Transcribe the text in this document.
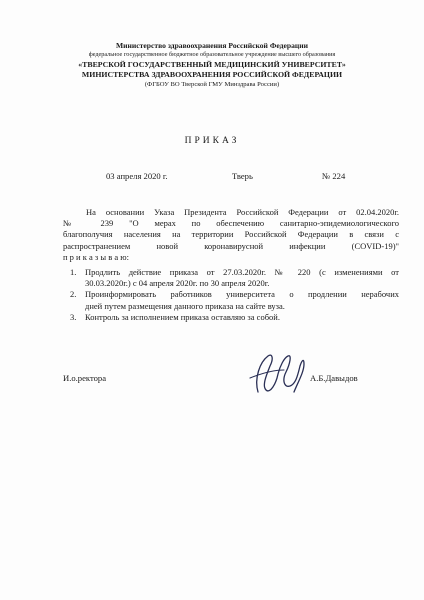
Министерство здравоохранения Российской Федерации
федеральное государственное бюджетное образовательное учреждение высшего образования
«ТВЕРСКОЙ ГОСУДАРСТВЕННЫЙ МЕДИЦИНСКИЙ УНИВЕРСИТЕТ»
МИНИСТЕРСТВА ЗДРАВООХРАНЕНИЯ РОССИЙСКОЙ ФЕДЕРАЦИИ
(ФГБОУ ВО Тверской ГМУ Минздрава России)
ПРИКАЗ
03 апреля 2020 г.	Тверь	№ 224
На основании Указа Президента Российской Федерации от 02.04.2020г.
№ 239 "О мерах по обеспечению санитарно-эпидемиологического
благополучия населения на территории Российской Федерации в связи с
распространением новой коронавирусной инфекции (COVID-19)"
п р и к а з ы в а ю:
1. Продлить действие приказа от 27.03.2020г. № 220 (с изменениями от
30.03.2020г.) с 04 апреля 2020г. по 30 апреля 2020г.
2. Проинформировать работников университета о продлении нерабочих
дней путем размещения данного приказа на сайте вуза.
3. Контроль за исполнением приказа оставляю за собой.
И.о.ректора	А.Б.Давыдов
